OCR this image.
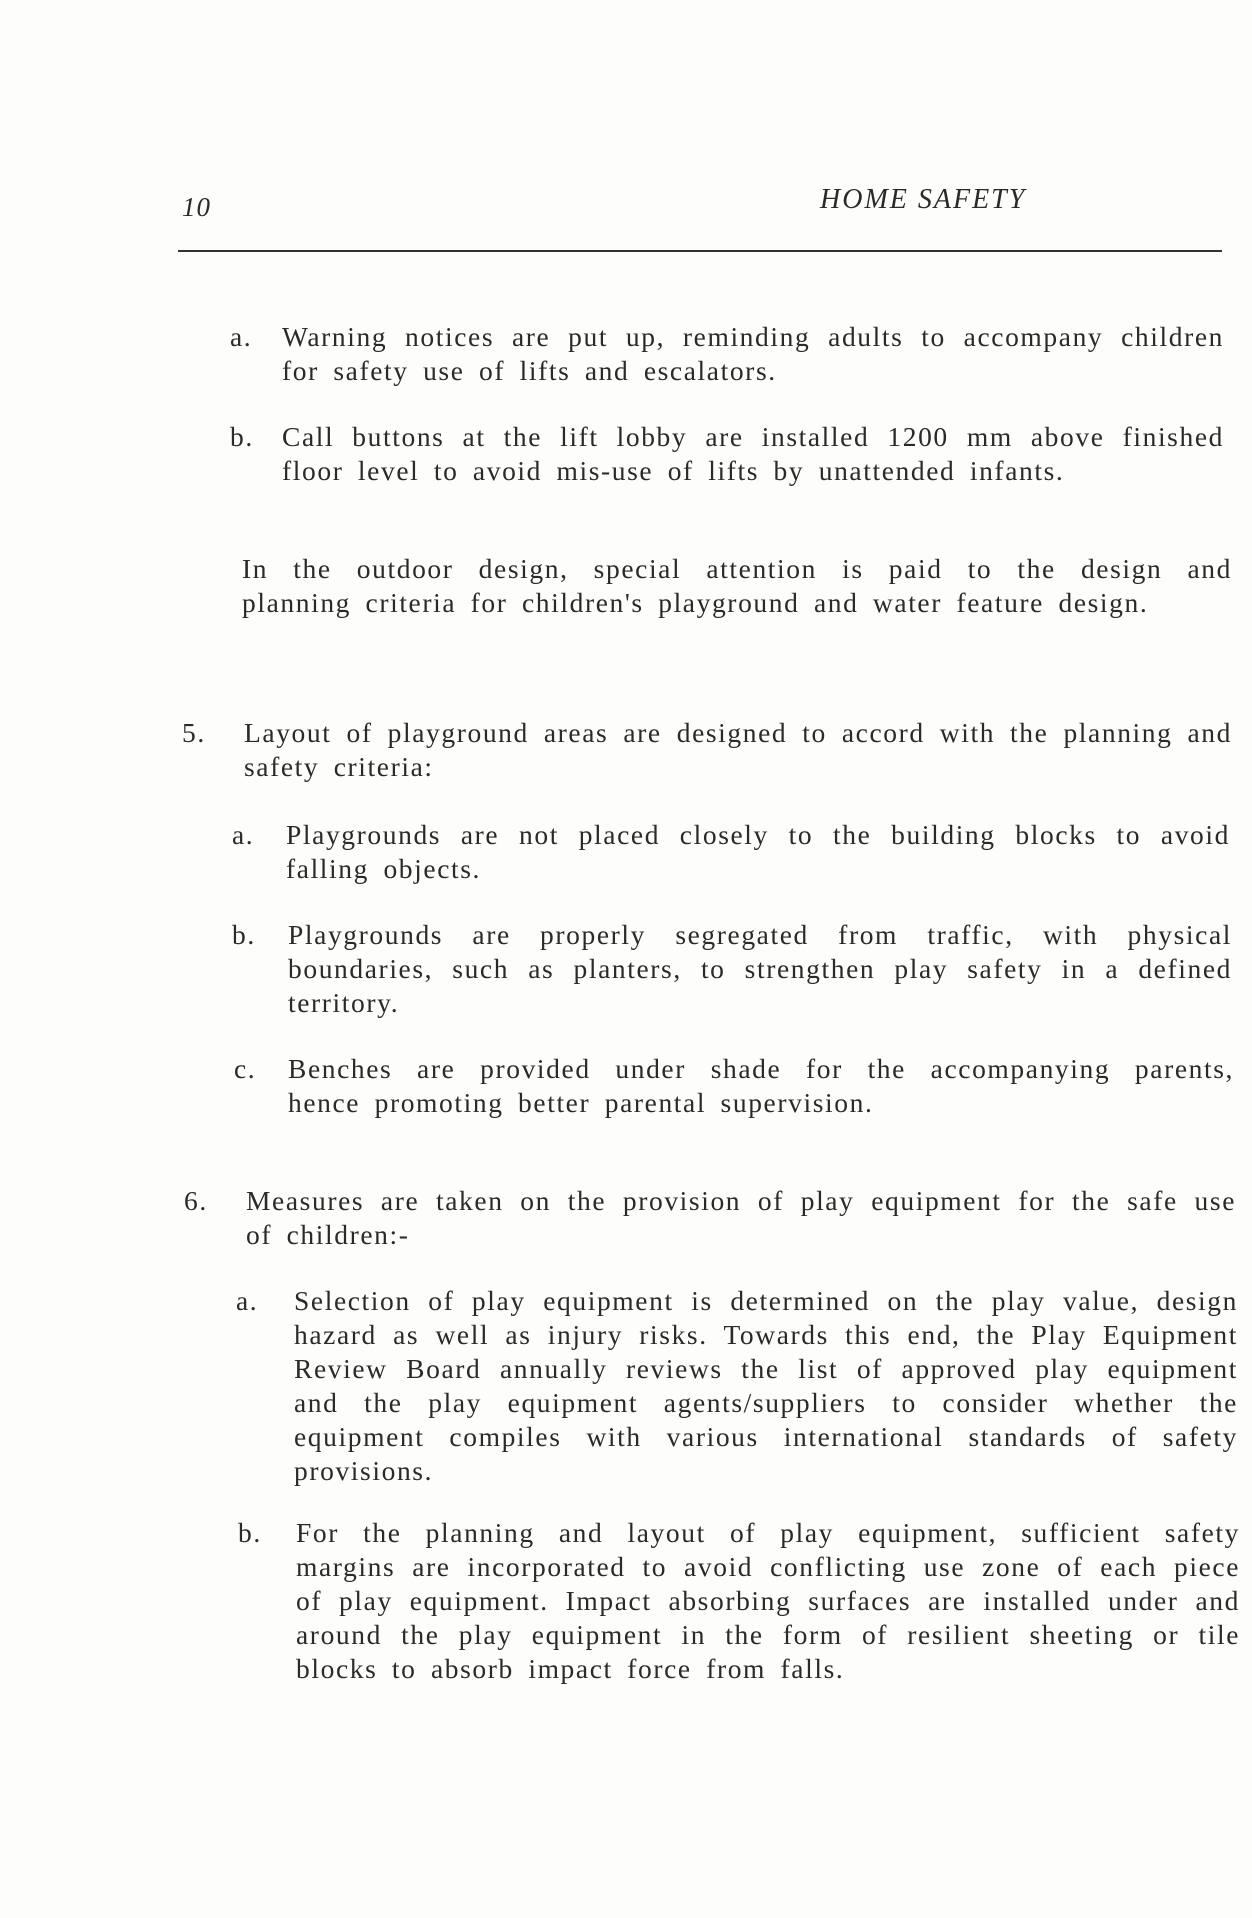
10	HOME SAFETY
a. Warning notices are put up, reminding adults to accompany children for safety use of lifts and escalators.
b. Call buttons at the lift lobby are installed 1200 mm above finished floor level to avoid mis-use of lifts by unattended infants.
In the outdoor design, special attention is paid to the design and planning criteria for children's playground and water feature design.
5. Layout of playground areas are designed to accord with the planning and safety criteria:
a. Playgrounds are not placed closely to the building blocks to avoid falling objects.
b. Playgrounds are properly segregated from traffic, with physical boundaries, such as planters, to strengthen play safety in a defined territory.
c. Benches are provided under shade for the accompanying parents, hence promoting better parental supervision.
6. Measures are taken on the provision of play equipment for the safe use of children:-
a. Selection of play equipment is determined on the play value, design hazard as well as injury risks. Towards this end, the Play Equipment Review Board annually reviews the list of approved play equipment and the play equipment agents/suppliers to consider whether the equipment compiles with various international standards of safety provisions.
b. For the planning and layout of play equipment, sufficient safety margins are incorporated to avoid conflicting use zone of each piece of play equipment. Impact absorbing surfaces are installed under and around the play equipment in the form of resilient sheeting or tile blocks to absorb impact force from falls.
